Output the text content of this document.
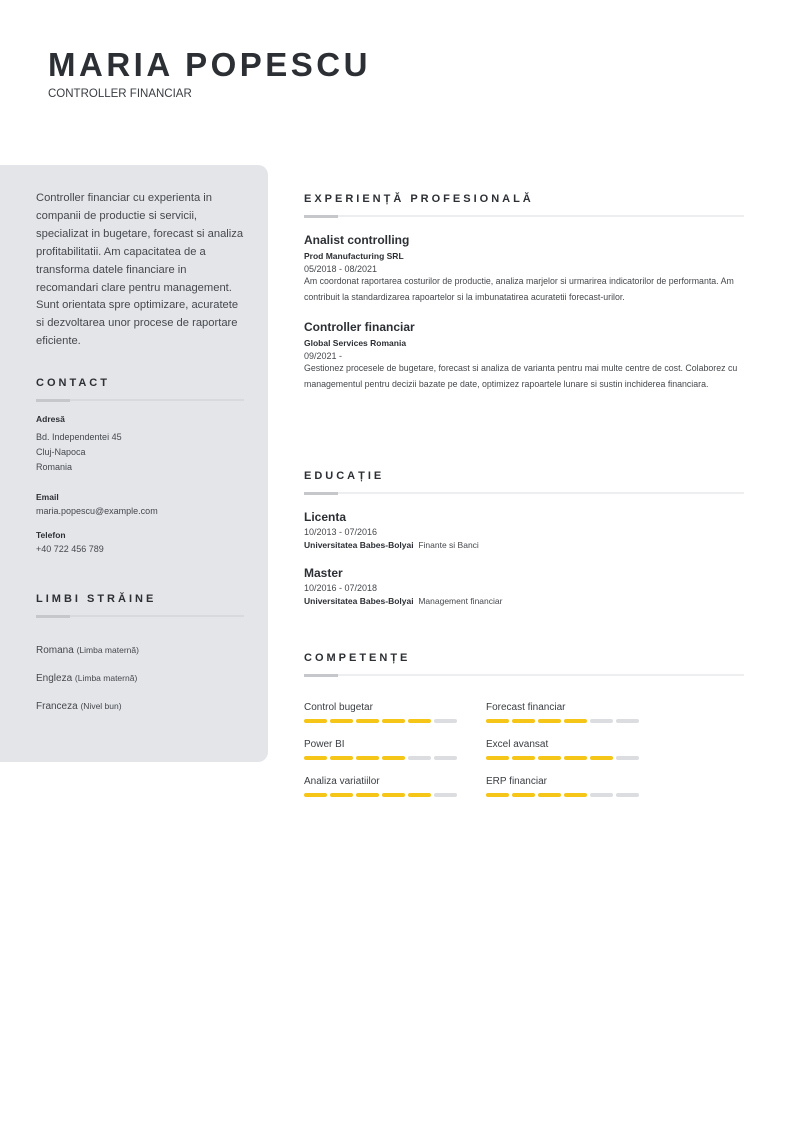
MARIA POPESCU
CONTROLLER FINANCIAR

Controller financiar cu experienta in companii de productie si servicii, specializat in bugetare, forecast si analiza profitabilitatii. Am capacitatea de a transforma datele financiare in recomandari clare pentru management. Sunt orientata spre optimizare, acuratete si dezvoltarea unor procese de raportare eficiente.

CONTACT
Adresă
Bd. Independentei 45
Cluj-Napoca
Romania
Email
maria.popescu@example.com
Telefon
+40 722 456 789
LIMBI STRĂINE
Romana (Limba maternă)
Engleza (Limba maternă)
Franceza (Nivel bun)
EXPERIENȚĂ PROFESIONALĂ
Analist controlling
Prod Manufacturing SRL
05/2018 - 08/2021
Am coordonat raportarea costurilor de productie, analiza marjelor si urmarirea indicatorilor de performanta. Am contribuit la standardizarea rapoartelor si la imbunatatirea acuratetii forecast-urilor.
Controller financiar
Global Services Romania
09/2021 -
Gestionez procesele de bugetare, forecast si analiza de varianta pentru mai multe centre de cost. Colaborez cu managementul pentru decizii bazate pe date, optimizez rapoartele lunare si sustin inchiderea financiara.
EDUCAȚIE
Licenta
10/2013 - 07/2016
Universitatea Babes-Bolyai Finante si Banci
Master
10/2016 - 07/2018
Universitatea Babes-Bolyai Management financiar
COMPETENȚE
Control bugetar	Forecast financiar
Power BI	Excel avansat
Analiza variatiilor	ERP financiar
